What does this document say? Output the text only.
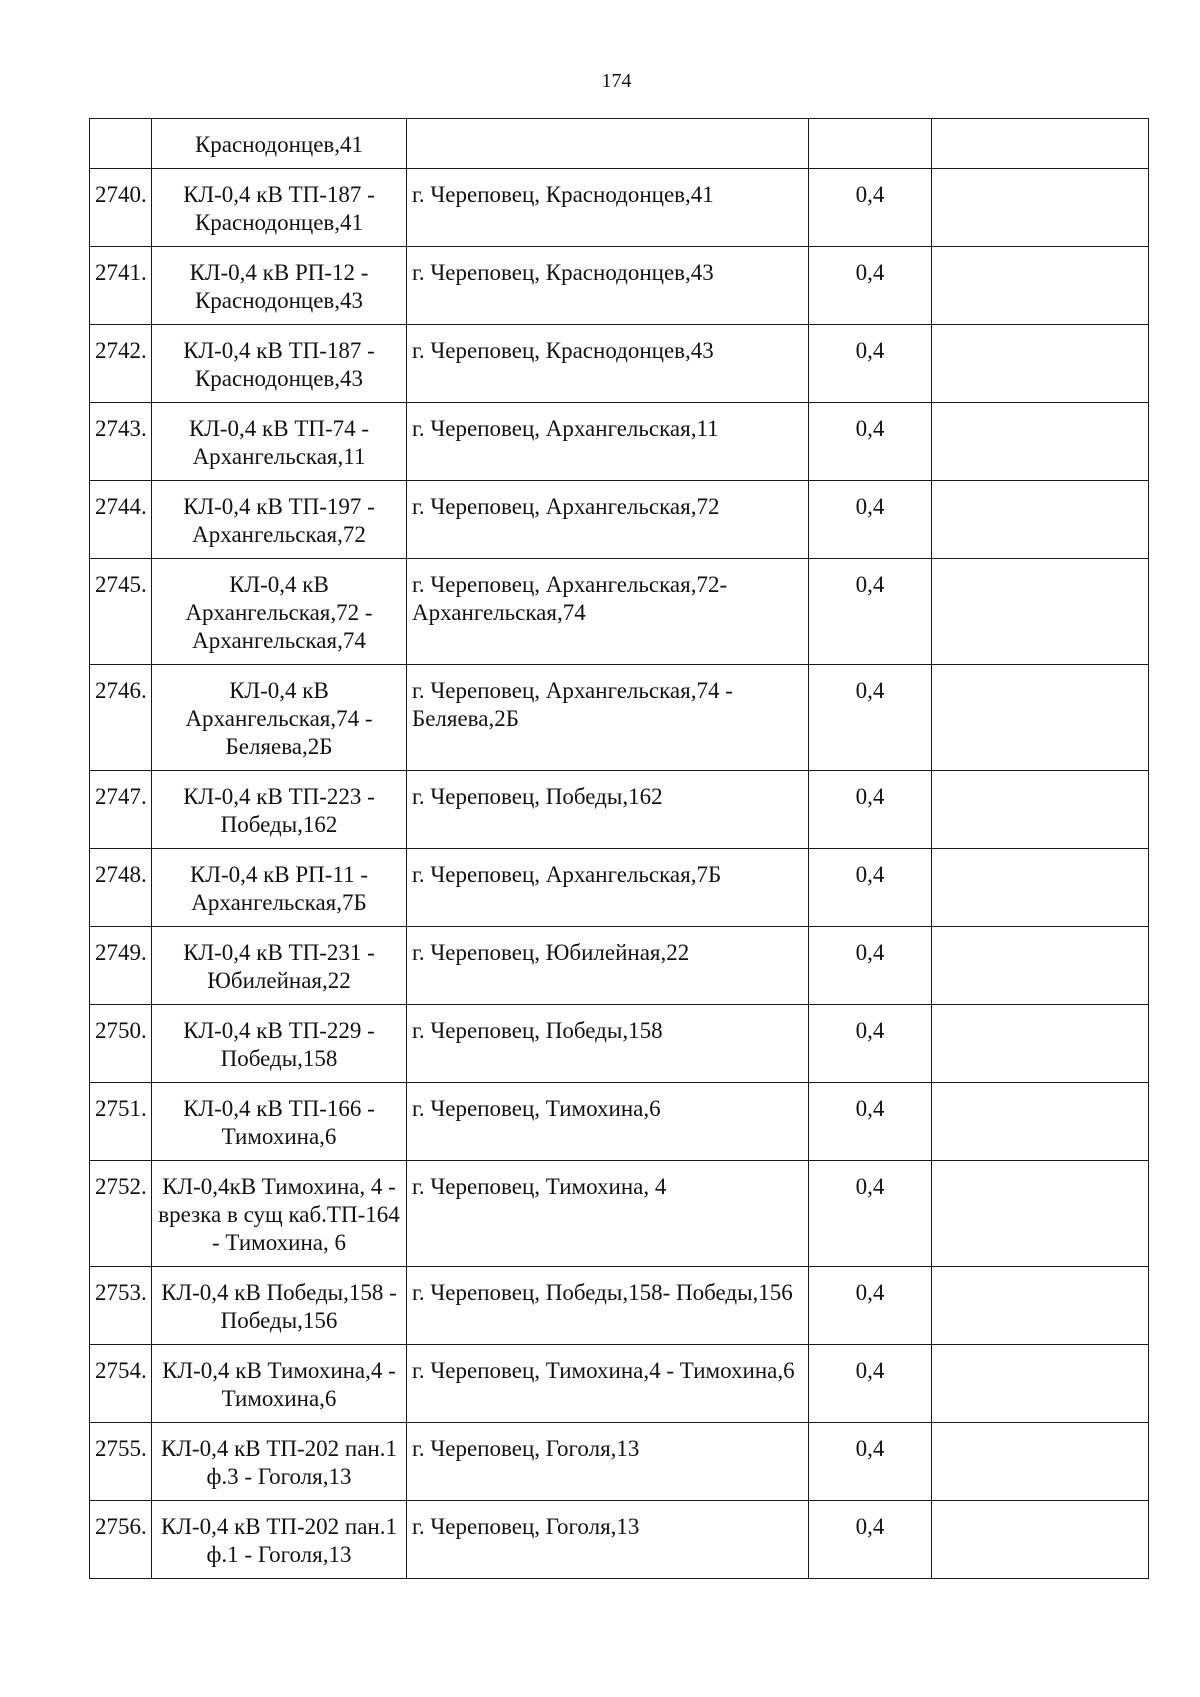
174
	Краснодонцев,41			
2740.	КЛ-0,4 кВ ТП-187 - Краснодонцев,41	г. Череповец, Краснодонцев,41	0,4	
2741.	КЛ-0,4 кВ РП-12 - Краснодонцев,43	г. Череповец, Краснодонцев,43	0,4	
2742.	КЛ-0,4 кВ ТП-187 - Краснодонцев,43	г. Череповец, Краснодонцев,43	0,4	
2743.	КЛ-0,4 кВ ТП-74 - Архангельская,11	г. Череповец, Архангельская,11	0,4	
2744.	КЛ-0,4 кВ ТП-197 - Архангельская,72	г. Череповец, Архангельская,72	0,4	
2745.	КЛ-0,4 кВ Архангельская,72 - Архангельская,74	г. Череповец, Архангельская,72- Архангельская,74	0,4	
2746.	КЛ-0,4 кВ Архангельская,74 - Беляева,2Б	г. Череповец, Архангельская,74 - Беляева,2Б	0,4	
2747.	КЛ-0,4 кВ ТП-223 - Победы,162	г. Череповец, Победы,162	0,4	
2748.	КЛ-0,4 кВ РП-11 - Архангельская,7Б	г. Череповец, Архангельская,7Б	0,4	
2749.	КЛ-0,4 кВ ТП-231 - Юбилейная,22	г. Череповец, Юбилейная,22	0,4	
2750.	КЛ-0,4 кВ ТП-229 - Победы,158	г. Череповец, Победы,158	0,4	
2751.	КЛ-0,4 кВ ТП-166 - Тимохина,6	г. Череповец, Тимохина,6	0,4	
2752.	КЛ-0,4кВ Тимохина, 4 - врезка в сущ каб.ТП-164 - Тимохина, 6	г. Череповец, Тимохина, 4	0,4	
2753.	КЛ-0,4 кВ Победы,158 - Победы,156	г. Череповец, Победы,158- Победы,156	0,4	
2754.	КЛ-0,4 кВ Тимохина,4 - Тимохина,6	г. Череповец, Тимохина,4 - Тимохина,6	0,4	
2755.	КЛ-0,4 кВ ТП-202 пан.1 ф.3 - Гоголя,13	г. Череповец, Гоголя,13	0,4	
2756.	КЛ-0,4 кВ ТП-202 пан.1 ф.1 - Гоголя,13	г. Череповец, Гоголя,13	0,4	
